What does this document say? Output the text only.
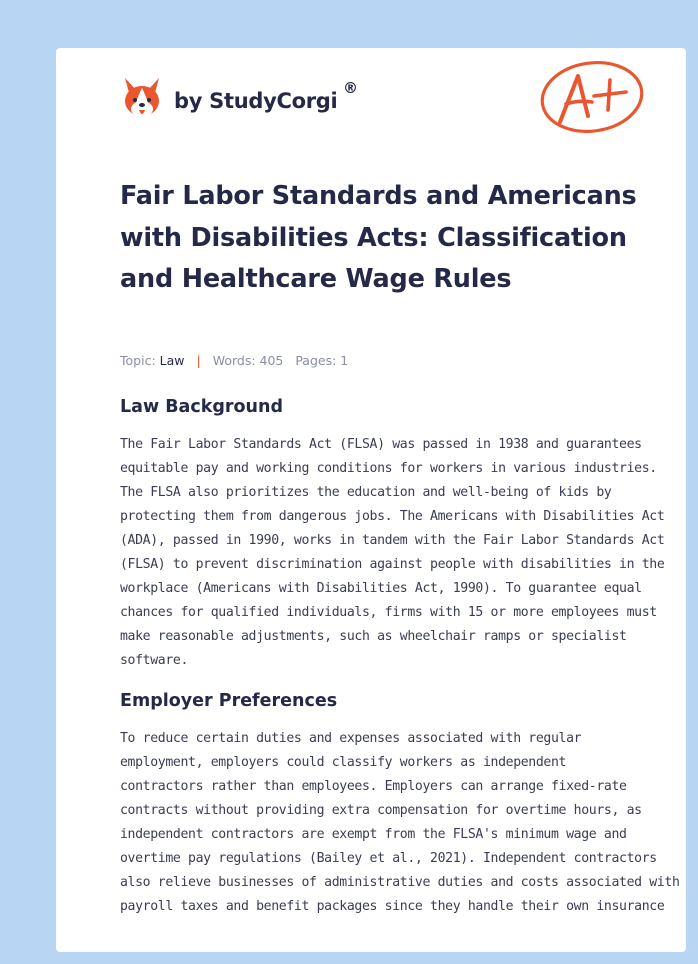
by StudyCorgi
®
Fair Labor Standards and Americans with Disabilities Acts: Classification and Healthcare Wage Rules
Topic: Law | Words: 405 Pages: 1
Law Background
The Fair Labor Standards Act (FLSA) was passed in 1938 and guarantees
equitable pay and working conditions for workers in various industries.
The FLSA also prioritizes the education and well-being of kids by
protecting them from dangerous jobs. The Americans with Disabilities Act
(ADA), passed in 1990, works in tandem with the Fair Labor Standards Act
(FLSA) to prevent discrimination against people with disabilities in the
workplace (Americans with Disabilities Act, 1990). To guarantee equal
chances for qualified individuals, firms with 15 or more employees must
make reasonable adjustments, such as wheelchair ramps or specialist
software.
Employer Preferences
To reduce certain duties and expenses associated with regular
employment, employers could classify workers as independent
contractors rather than employees. Employers can arrange fixed-rate
contracts without providing extra compensation for overtime hours, as
independent contractors are exempt from the FLSA's minimum wage and
overtime pay regulations (Bailey et al., 2021). Independent contractors
also relieve businesses of administrative duties and costs associated with
payroll taxes and benefit packages since they handle their own insurance
